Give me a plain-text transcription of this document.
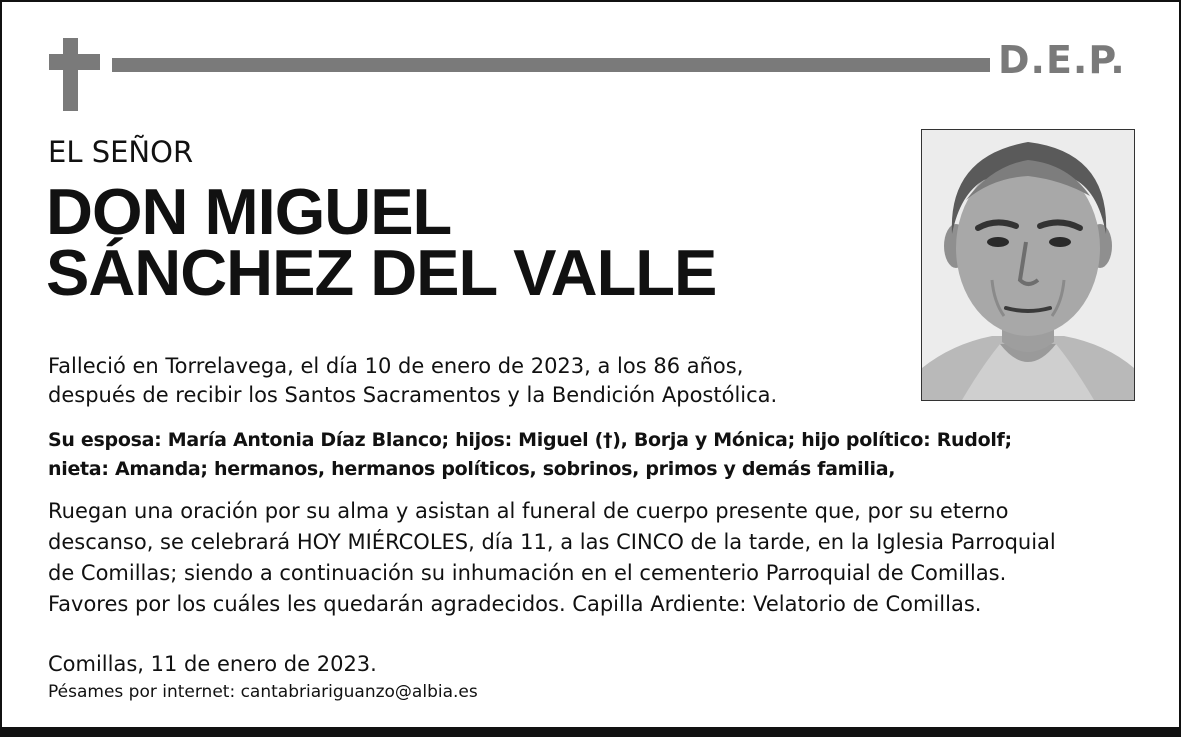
D.E.P.
EL SEÑOR
DON MIGUEL
SÁNCHEZ DEL VALLE
Falleció en Torrelavega, el día 10 de enero de 2023, a los 86 años,
después de recibir los Santos Sacramentos y la Bendición Apostólica.
Su esposa: María Antonia Díaz Blanco; hijos: Miguel (†), Borja y Mónica; hijo político: Rudolf;
nieta: Amanda; hermanos, hermanos políticos, sobrinos, primos y demás familia,
Ruegan una oración por su alma y asistan al funeral de cuerpo presente que, por su eterno
descanso, se celebrará HOY MIÉRCOLES, día 11, a las CINCO de la tarde, en la Iglesia Parroquial
de Comillas; siendo a continuación su inhumación en el cementerio Parroquial de Comillas.
Favores por los cuáles les quedarán agradecidos. Capilla Ardiente: Velatorio de Comillas.
Comillas, 11 de enero de 2023.
Pésames por internet: cantabriariguanzo@albia.es
